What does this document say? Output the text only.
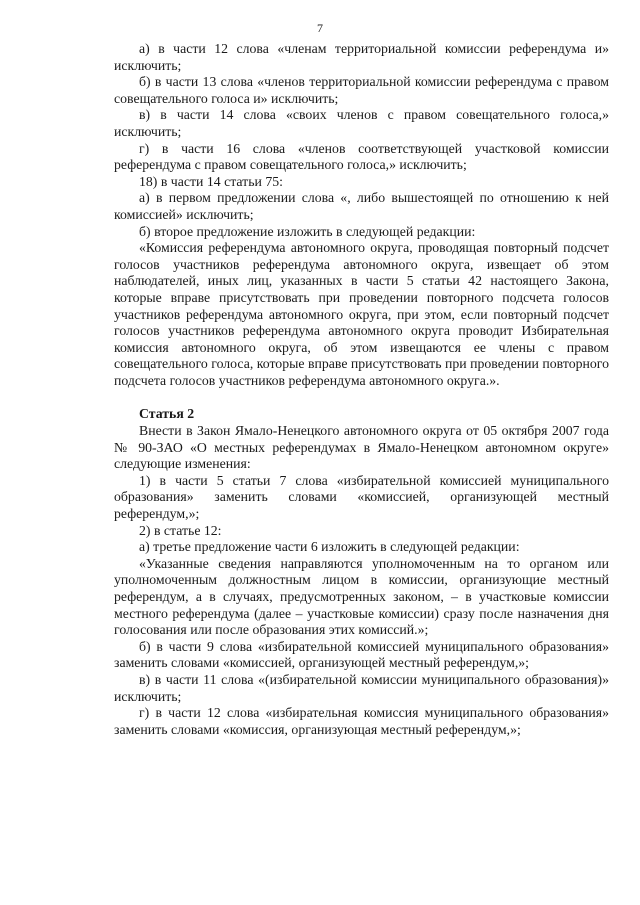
7

а) в части 12 слова «членам территориальной комиссии референдума и» исключить;

б) в части 13 слова «членов территориальной комиссии референдума с правом совещательного голоса и» исключить;

в) в части 14 слова «своих членов с правом совещательного голоса,» исключить;

г) в части 16 слова «членов соответствующей участковой комиссии референдума с правом совещательного голоса,» исключить;

18) в части 14 статьи 75:

а) в первом предложении слова «, либо вышестоящей по отношению к ней комиссией» исключить;

б) второе предложение изложить в следующей редакции:

«Комиссия референдума автономного округа, проводящая повторный подсчет голосов участников референдума автономного округа, извещает об этом наблюдателей, иных лиц, указанных в части 5 статьи 42 настоящего Закона, которые вправе присутствовать при проведении повторного подсчета голосов участников референдума автономного округа, при этом, если повторный подсчет голосов участников референдума автономного округа проводит Избирательная комиссия автономного округа, об этом извещаются ее члены с правом совещательного голоса, которые вправе присутствовать при проведении повторного подсчета голосов участников референдума автономного округа.».

Статья 2

Внести в Закон Ямало-Ненецкого автономного округа от 05 октября 2007 года № 90-ЗАО «О местных референдумах в Ямало-Ненецком автономном округе» следующие изменения:

1) в части 5 статьи 7 слова «избирательной комиссией муниципального образования» заменить словами «комиссией, организующей местный референдум,»;

2) в статье 12:

а) третье предложение части 6 изложить в следующей редакции:

«Указанные сведения направляются уполномоченным на то органом или уполномоченным должностным лицом в комиссии, организующие местный референдум, а в случаях, предусмотренных законом, – в участковые комиссии местного референдума (далее – участковые комиссии) сразу после назначения дня голосования или после образования этих комиссий.»;

б) в части 9 слова «избирательной комиссией муниципального образования» заменить словами «комиссией, организующей местный референдум,»;

в) в части 11 слова «(избирательной комиссии муниципального образования)» исключить;

г) в части 12 слова «избирательная комиссия муниципального образования» заменить словами «комиссия, организующая местный референдум,»;
